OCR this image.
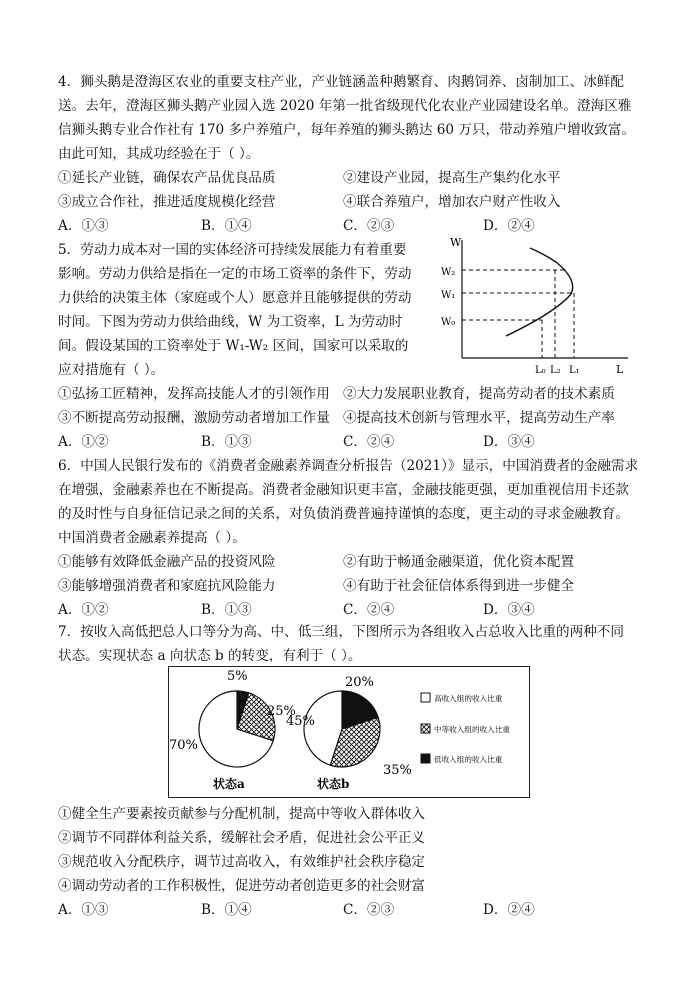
4．狮头鹅是澄海区农业的重要支柱产业，产业链涵盖种鹅繁育、肉鹅饲养、卤制加工、冰鲜配
送。去年，澄海区狮头鹅产业园入选 2020 年第一批省级现代化农业产业园建设名单。澄海区雅
信狮头鹅专业合作社有 170 多户养殖户，每年养殖的狮头鹅达 60 万只，带动养殖户增收致富。
由此可知，其成功经验在于（ ）。
①延长产业链，确保农产品优良品质	②建设产业园，提高生产集约化水平
③成立合作社，推进适度规模化经营	④联合养殖户，增加农户财产性收入
A．①③	B．①④	C．②③	D．②④
5．劳动力成本对一国的实体经济可持续发展能力有着重要
影响。劳动力供给是指在一定的市场工资率的条件下，劳动
力供给的决策主体（家庭或个人）愿意并且能够提供的劳动
时间。下图为劳动力供给曲线，W 为工资率，L 为劳动时
间。假设某国的工资率处于 W₁-W₂ 区间，国家可以采取的
应对措施有（ ）。
W
L
W₂
W₁
W₀
L₀ L₂ L₁
①弘扬工匠精神，发挥高技能人才的引领作用 ②大力发展职业教育，提高劳动者的技术素质
③不断提高劳动报酬，激励劳动者增加工作量 ④提高技术创新与管理水平，提高劳动生产率
A．①②	B．①③	C．②④	D．③④
6．中国人民银行发布的《消费者金融素养调查分析报告（2021）》显示，中国消费者的金融需求
在增强，金融素养也在不断提高。消费者金融知识更丰富，金融技能更强，更加重视信用卡还款
的及时性与自身征信记录之间的关系，对负债消费普遍持谨慎的态度，更主动的寻求金融教育。
中国消费者金融素养提高（ ）。
①能够有效降低金融产品的投资风险	②有助于畅通金融渠道，优化资本配置
③能够增强消费者和家庭抗风险能力	④有助于社会征信体系得到进一步健全
A．①②	B．①③	C．②④	D．③④
7．按收入高低把总人口等分为高、中、低三组，下图所示为各组收入占总收入比重的两种不同
状态。实现状态 a 向状态 b 的转变，有利于（ ）。
70%
25%
5%
45%
35%
20%
状态a	状态b
高收入组的收入比重
中等收入组的收入比重
低收入组的收入比重
①健全生产要素按贡献参与分配机制，提高中等收入群体收入
②调节不同群体利益关系，缓解社会矛盾，促进社会公平正义
③规范收入分配秩序，调节过高收入，有效维护社会秩序稳定
④调动劳动者的工作积极性，促进劳动者创造更多的社会财富
A．①③	B．①④	C．②③	D．②④
